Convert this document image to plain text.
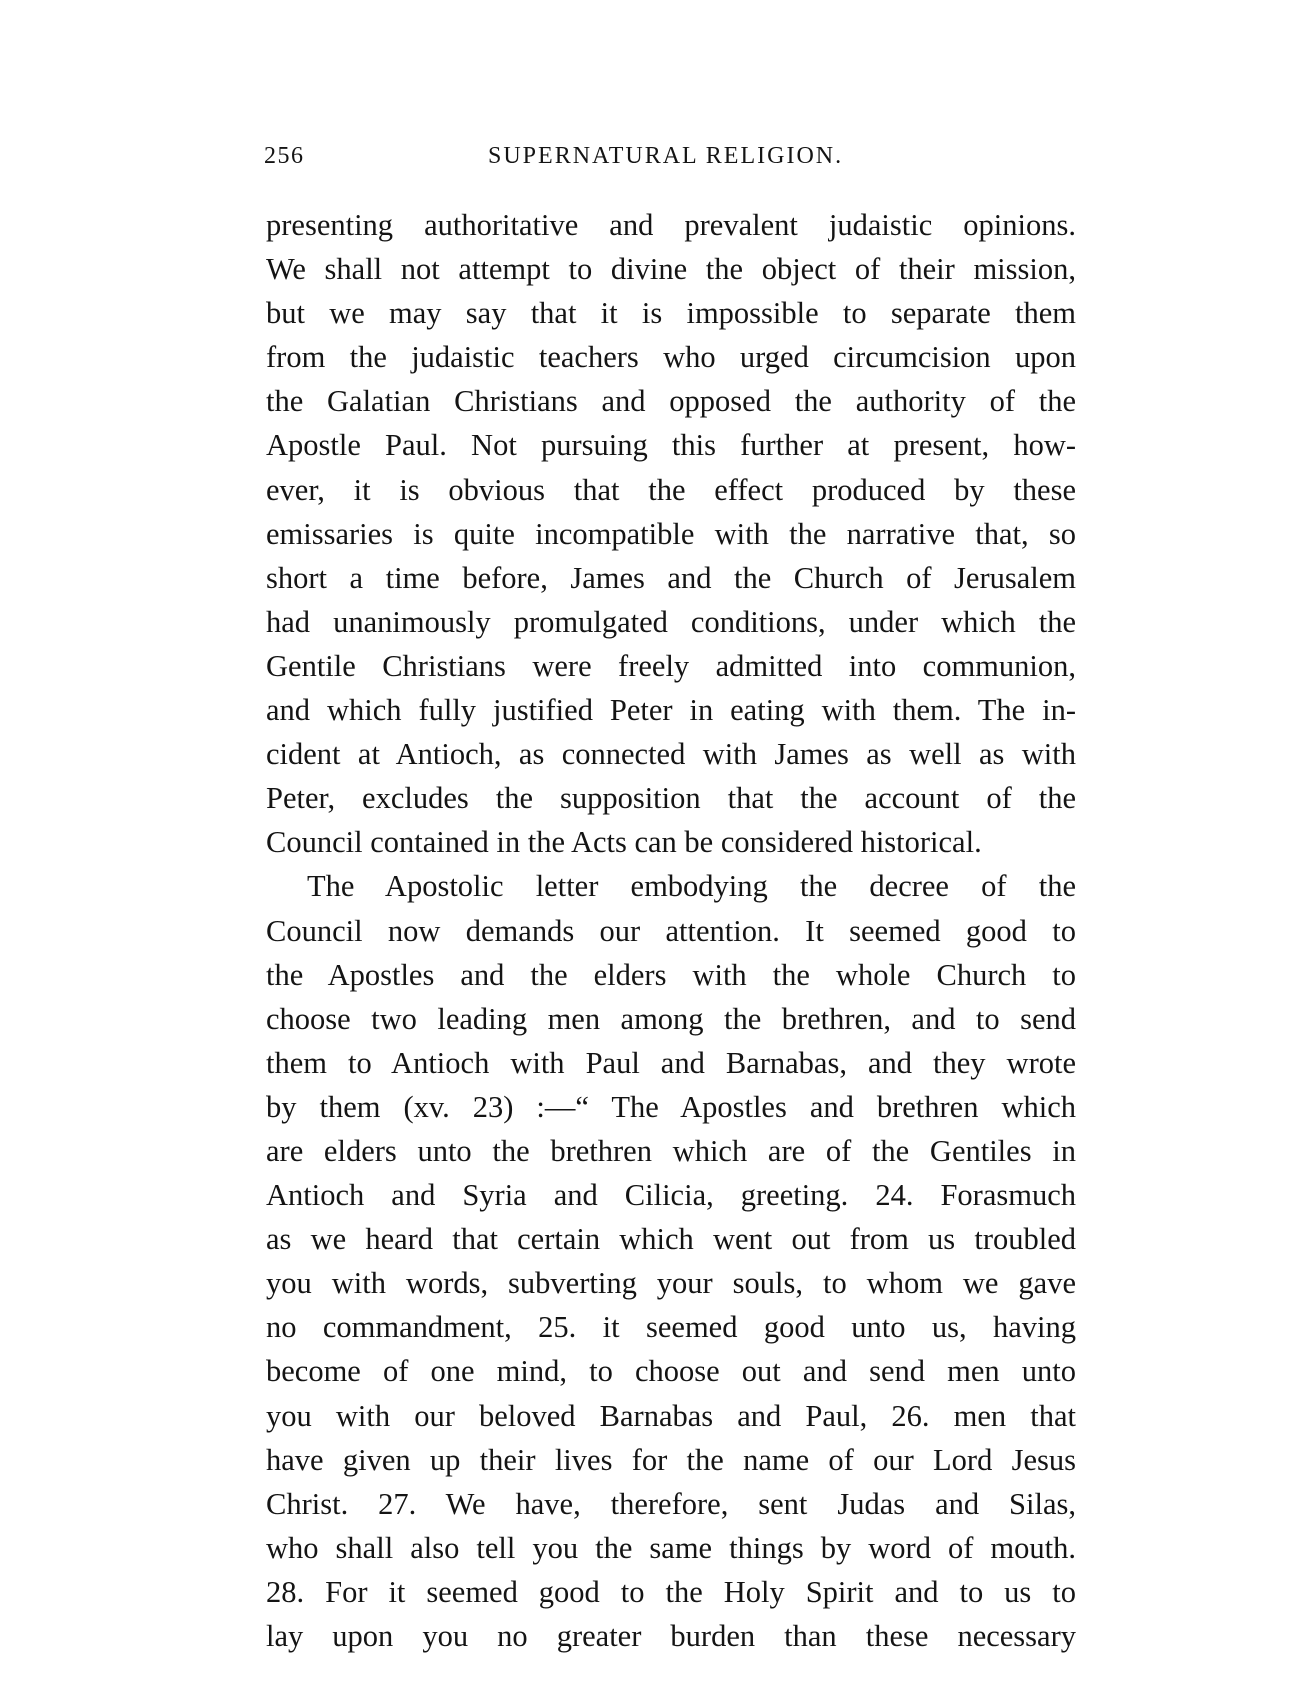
256	SUPERNATURAL RELIGION.
presenting authoritative and prevalent judaistic opinions.
We shall not attempt to divine the object of their mission,
but we may say that it is impossible to separate them
from the judaistic teachers who urged circumcision upon
the Galatian Christians and opposed the authority of the
Apostle Paul. Not pursuing this further at present, how-
ever, it is obvious that the effect produced by these
emissaries is quite incompatible with the narrative that, so
short a time before, James and the Church of Jerusalem
had unanimously promulgated conditions, under which the
Gentile Christians were freely admitted into communion,
and which fully justified Peter in eating with them. The in-
cident at Antioch, as connected with James as well as with
Peter, excludes the supposition that the account of the
Council contained in the Acts can be considered historical.
The Apostolic letter embodying the decree of the
Council now demands our attention. It seemed good to
the Apostles and the elders with the whole Church to
choose two leading men among the brethren, and to send
them to Antioch with Paul and Barnabas, and they wrote
by them (xv. 23) :—“ The Apostles and brethren which
are elders unto the brethren which are of the Gentiles in
Antioch and Syria and Cilicia, greeting. 24. Forasmuch
as we heard that certain which went out from us troubled
you with words, subverting your souls, to whom we gave
no commandment, 25. it seemed good unto us, having
become of one mind, to choose out and send men unto
you with our beloved Barnabas and Paul, 26. men that
have given up their lives for the name of our Lord Jesus
Christ. 27. We have, therefore, sent Judas and Silas,
who shall also tell you the same things by word of mouth.
28. For it seemed good to the Holy Spirit and to us to
lay upon you no greater burden than these necessary
